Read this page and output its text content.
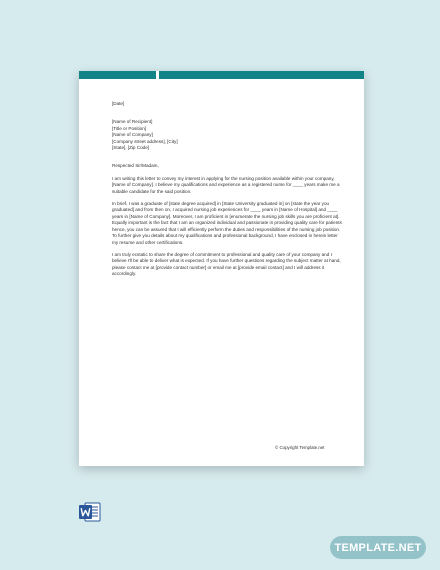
[Date]

[Name of Recipient]

[Title or Position]

[Name of Company]

[Company street address], [City]

[State], [Zip Code]

Respected Sir/Madam,

I am writing this letter to convey my interest in applying for the nursing position available within your company, [Name of Company]. I believe my qualifications and experience as a registered nurse for ____ years make me a suitable candidate for the said position.

In brief, I was a graduate of [state degree acquired] in [State University graduated in] on [state the year you graduated] and from then on, I acquired nursing job experiences for ____ years in [Name of Hospital] and ____ years in [Name of Company]. Moreover, I am proficient in [enumerate the nursing job skills you are proficient at]. Equally important is the fact that I am an organized individual and passionate in providing quality care for patients hence, you can be assured that I will efficiently perform the duties and responsibilities of the nursing job position. To further give you details about my qualifications and professional background, I have enclosed in herein letter my resume and other certifications.

I am truly ecstatic to share the degree of commitment to professional and quality care of your company and I believe I'll be able to deliver what is expected. If you have further questions regarding the subject matter at hand, please contact me at [provide contact number] or email me at [provide email contact] and I will address it accordingly.

© Copyright Template.net
TEMPLATE.NET
